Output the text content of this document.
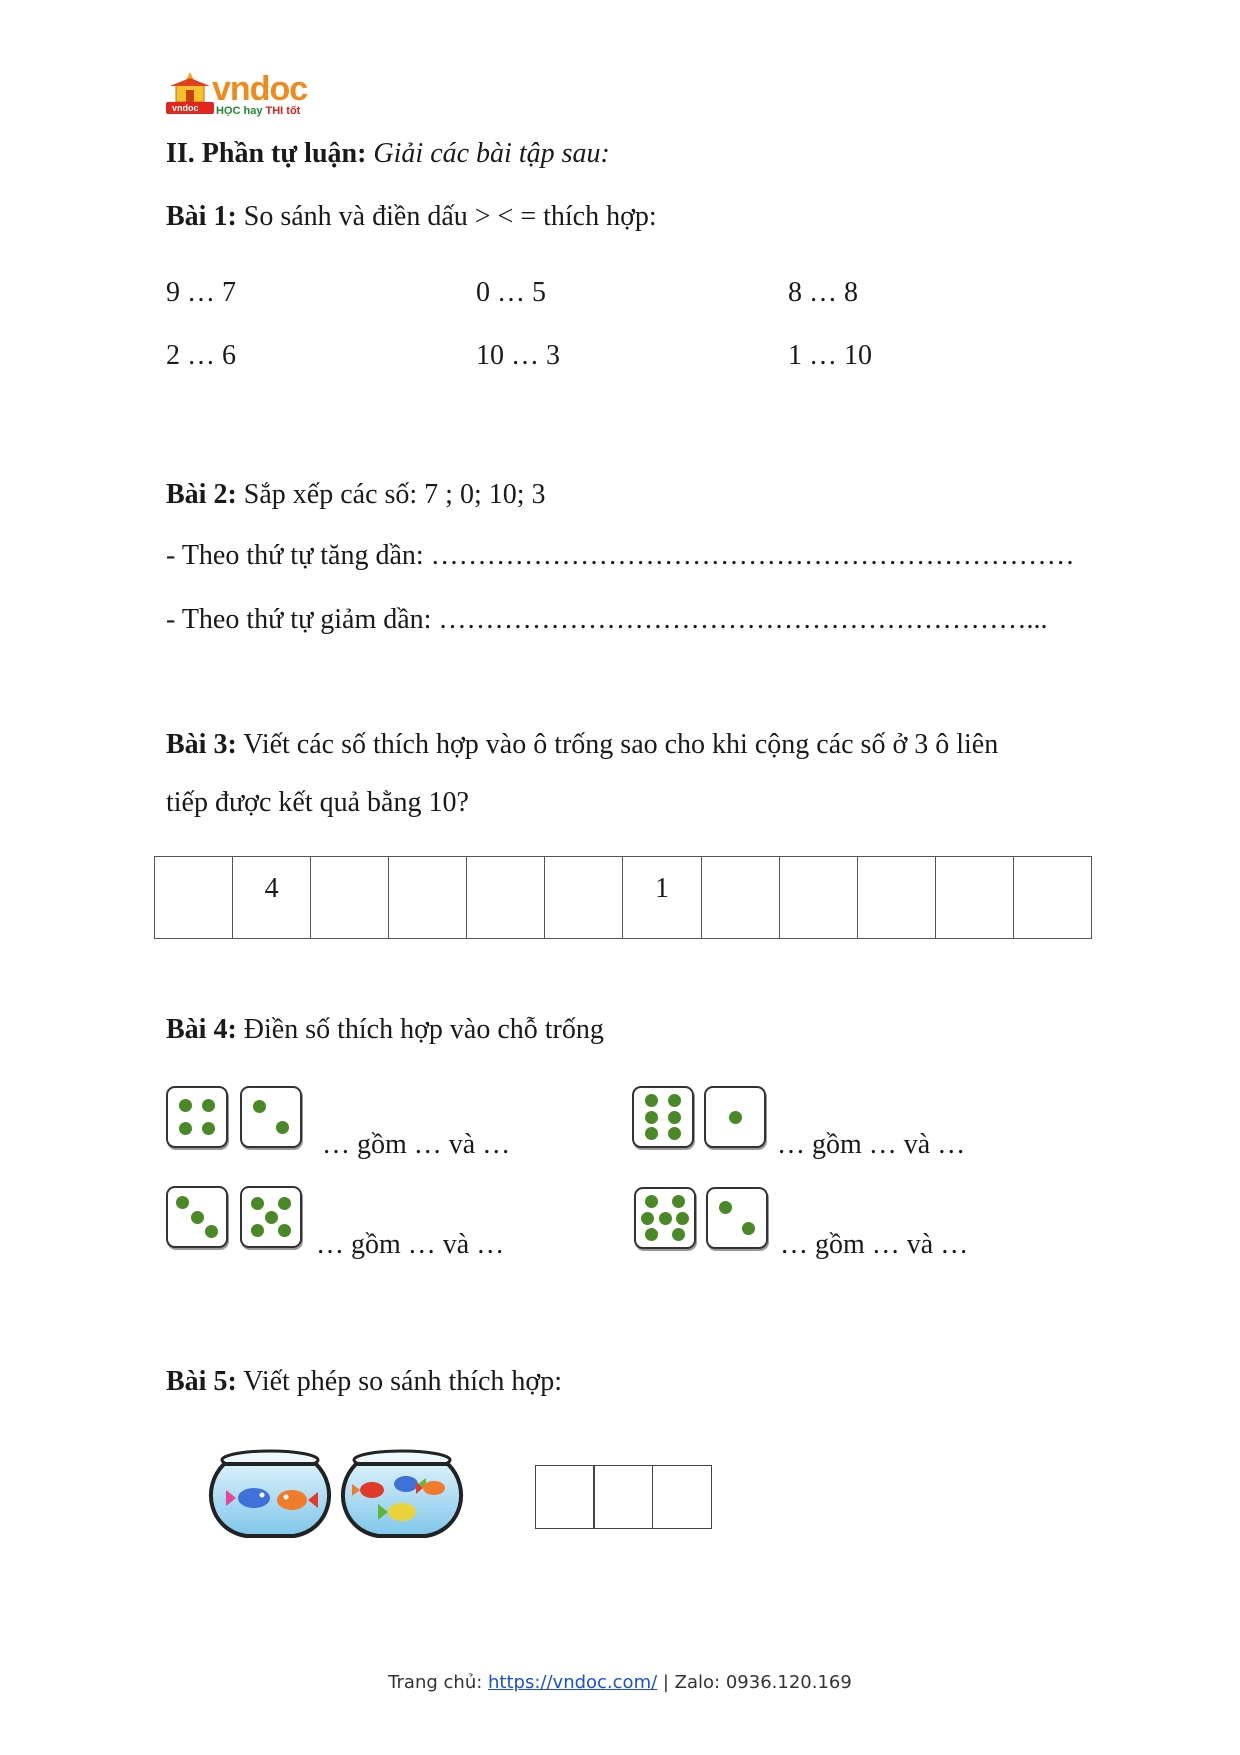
vndoc vndoc
HỌC hay THI tốt
II. Phần tự luận: Giải các bài tập sau:
Bài 1: So sánh và điền dấu > < = thích hợp:
9 … 7	0 … 5	8 … 8
2 … 6	10 … 3	1 … 10
Bài 2: Sắp xếp các số: 7 ; 0; 10; 3
- Theo thứ tự tăng dần: ……………………………………………………………
- Theo thứ tự giảm dần: ………………………………………………………...
Bài 3: Viết các số thích hợp vào ô trống sao cho khi cộng các số ở 3 ô liên
tiếp được kết quả bằng 10?
4	1
Bài 4: Điền số thích hợp vào chỗ trống
… gồm … và …	… gồm … và …
… gồm … và …	… gồm … và …
Bài 5: Viết phép so sánh thích hợp:
Trang chủ: https://vndoc.com/ | Zalo: 0936.120.169
